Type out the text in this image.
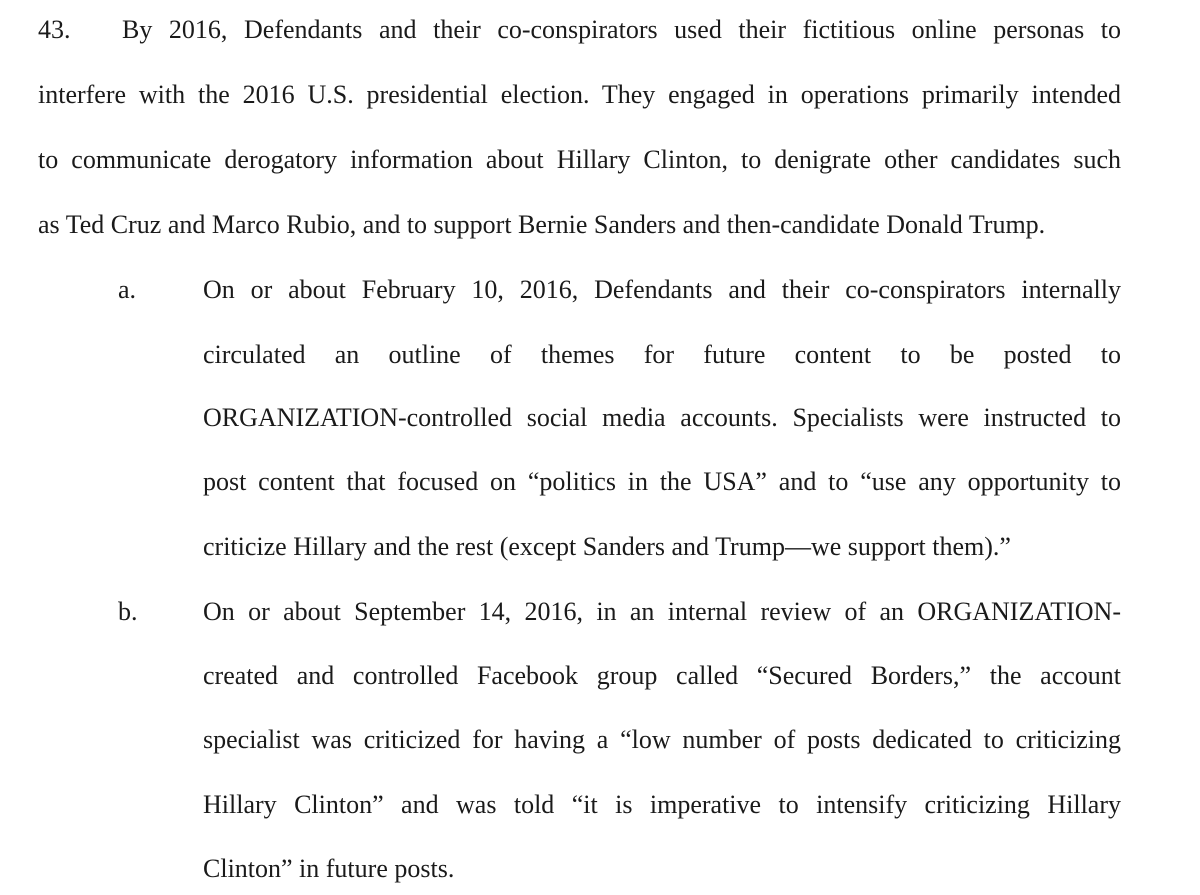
43. By 2016, Defendants and their co-conspirators used their fictitious online personas to

interfere with the 2016 U.S. presidential election. They engaged in operations primarily intended

to communicate derogatory information about Hillary Clinton, to denigrate other candidates such

as Ted Cruz and Marco Rubio, and to support Bernie Sanders and then-candidate Donald Trump.

a.	On or about February 10, 2016, Defendants and their co-conspirators internally

circulated an outline of themes for future content to be posted to

ORGANIZATION-controlled social media accounts. Specialists were instructed to

post content that focused on “politics in the USA” and to “use any opportunity to

criticize Hillary and the rest (except Sanders and Trump—we support them).”

b.	On or about September 14, 2016, in an internal review of an ORGANIZATION-

created and controlled Facebook group called “Secured Borders,” the account

specialist was criticized for having a “low number of posts dedicated to criticizing

Hillary Clinton” and was told “it is imperative to intensify criticizing Hillary

Clinton” in future posts.
